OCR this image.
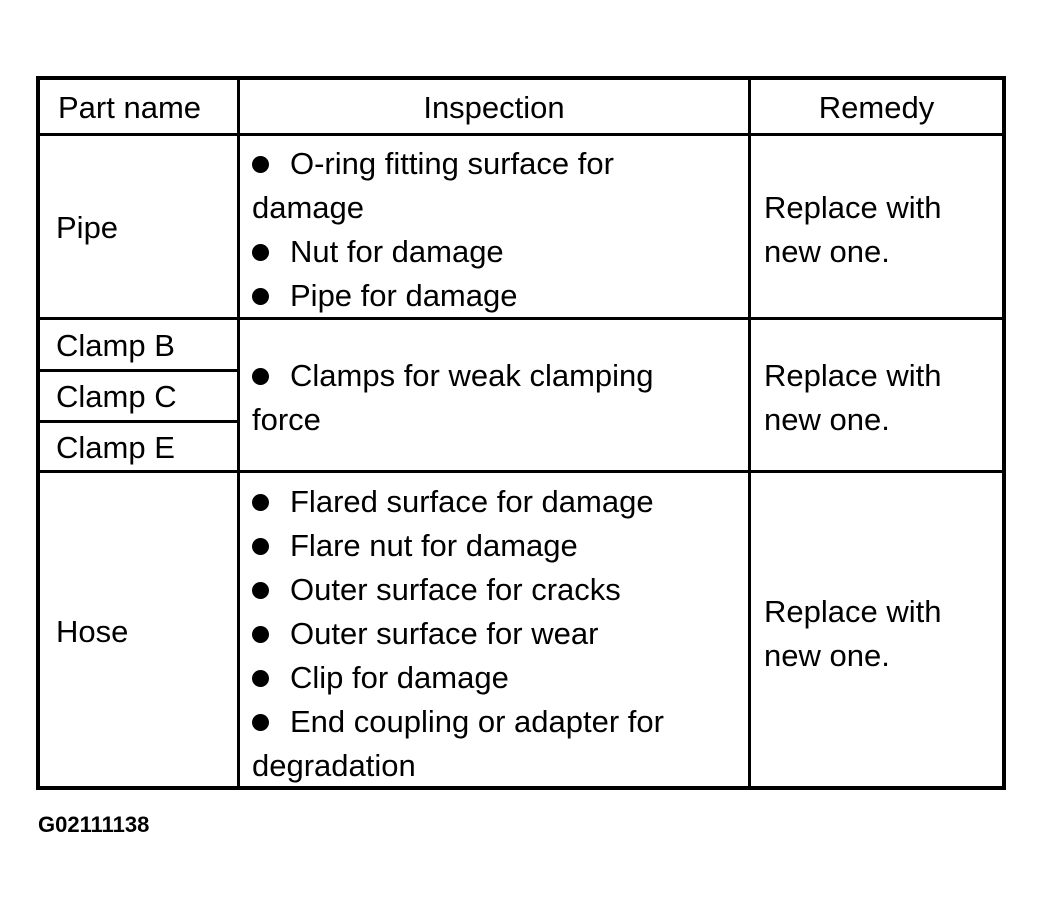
Part name	Inspection	Remedy
Pipe
O-ring fitting surface for
damage
Nut for damage
Pipe for damage
Replace with
new one.
Clamp B
Clamp C
Clamp E
Clamps for weak clamping
force
Replace with
new one.
Hose
Flared surface for damage
Flare nut for damage
Outer surface for cracks
Outer surface for wear
Clip for damage
End coupling or adapter for
degradation
Replace with
new one.
G02111138
